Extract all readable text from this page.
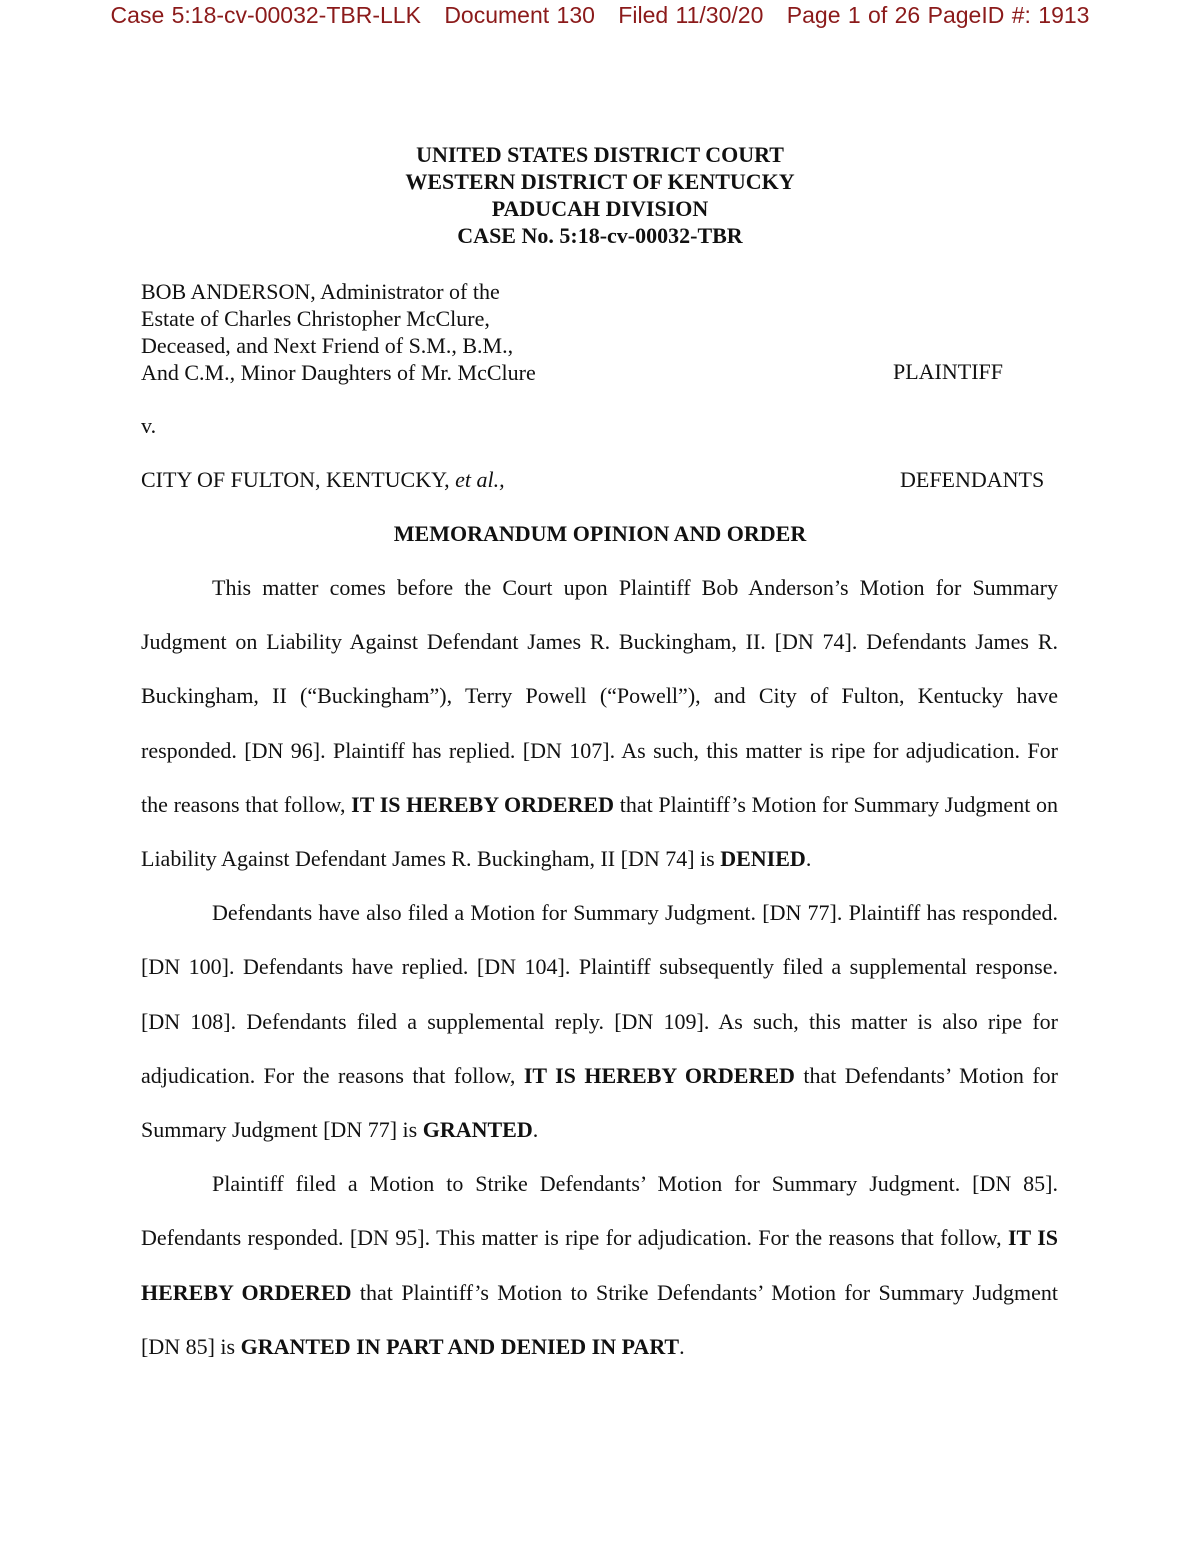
Case 5:18-cv-00032-TBR-LLK Document 130 Filed 11/30/20 Page 1 of 26 PageID #: 1913
UNITED STATES DISTRICT COURT
WESTERN DISTRICT OF KENTUCKY
PADUCAH DIVISION
CASE No. 5:18-cv-00032-TBR
BOB ANDERSON, Administrator of the
Estate of Charles Christopher McClure,
Deceased, and Next Friend of S.M., B.M.,
And C.M., Minor Daughters of Mr. McClure	PLAINTIFF
v.
CITY OF FULTON, KENTUCKY, et al.,	DEFENDANTS
MEMORANDUM OPINION AND ORDER

This matter comes before the Court upon Plaintiff Bob Anderson’s Motion for Summary Judgment on Liability Against Defendant James R. Buckingham, II. [DN 74]. Defendants James R. Buckingham, II (“Buckingham”), Terry Powell (“Powell”), and City of Fulton, Kentucky have responded. [DN 96]. Plaintiff has replied. [DN 107]. As such, this matter is ripe for adjudication. For the reasons that follow, IT IS HEREBY ORDERED that Plaintiff’s Motion for Summary Judgment on Liability Against Defendant James R. Buckingham, II [DN 74] is DENIED.

Defendants have also filed a Motion for Summary Judgment. [DN 77]. Plaintiff has responded. [DN 100]. Defendants have replied. [DN 104]. Plaintiff subsequently filed a supplemental response. [DN 108]. Defendants filed a supplemental reply. [DN 109]. As such, this matter is also ripe for adjudication. For the reasons that follow, IT IS HEREBY ORDERED that Defendants’ Motion for Summary Judgment [DN 77] is GRANTED.

Plaintiff filed a Motion to Strike Defendants’ Motion for Summary Judgment. [DN 85]. Defendants responded. [DN 95]. This matter is ripe for adjudication. For the reasons that follow, IT IS HEREBY ORDERED that Plaintiff’s Motion to Strike Defendants’ Motion for Summary Judgment [DN 85] is GRANTED IN PART AND DENIED IN PART.
